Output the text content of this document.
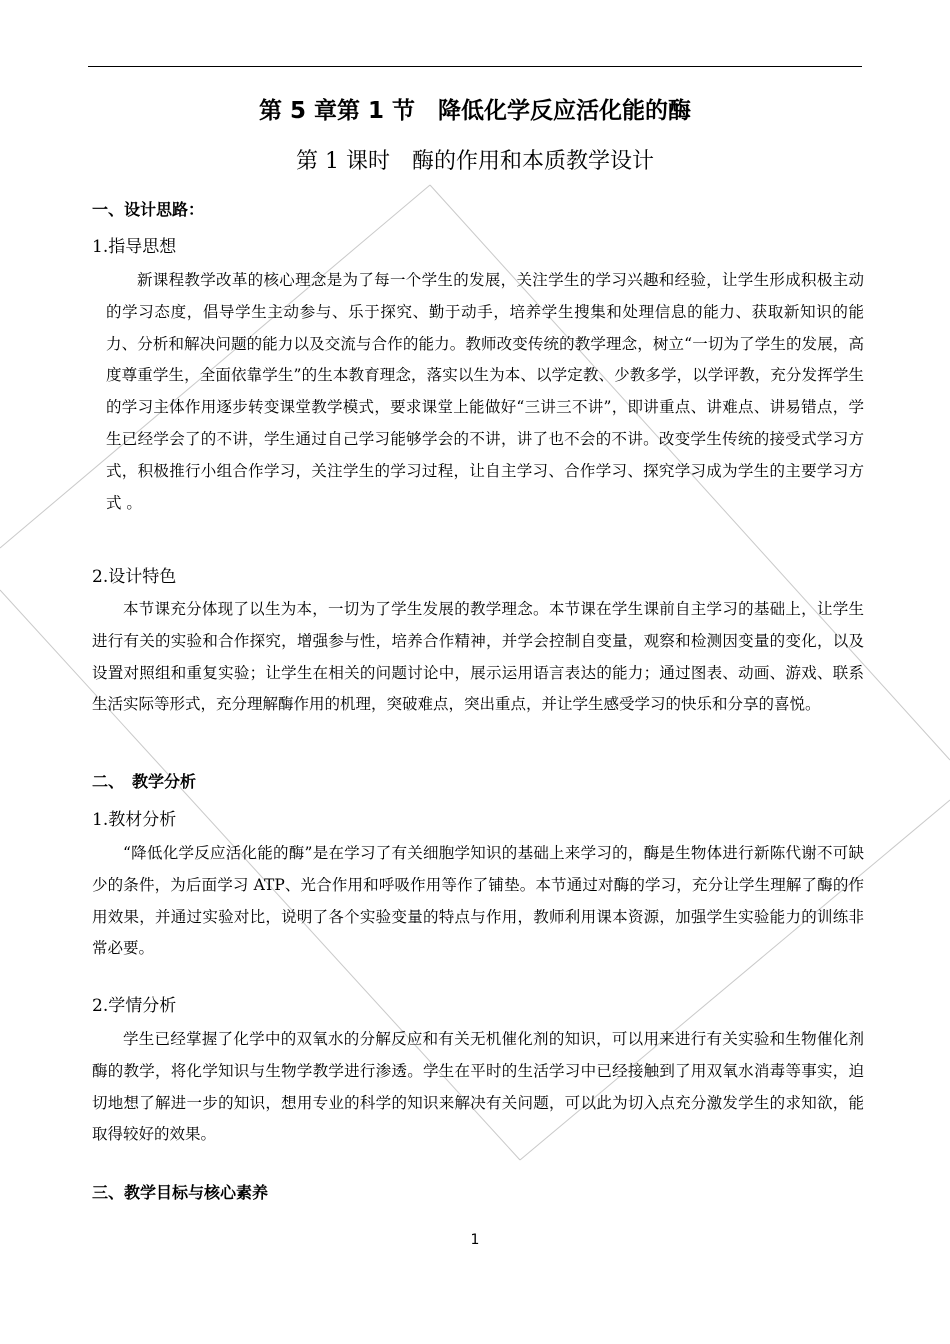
第 5 章第 1 节　降低化学反应活化能的酶
第 1 课时　酶的作用和本质教学设计
一、设计思路：
1.指导思想
新课程教学改革的核心理念是为了每一个学生的发展，关注学生的学习兴趣和经验，让学生形成积极主动的学习态度，倡导学生主动参与、乐于探究、勤于动手，培养学生搜集和处理信息的能力、获取新知识的能力、分析和解决问题的能力以及交流与合作的能力。教师改变传统的教学理念，树立“一切为了学生的发展，高度尊重学生，全面依靠学生”的生本教育理念，落实以生为本、以学定教、少教多学，以学评教，充分发挥学生的学习主体作用逐步转变课堂教学模式，要求课堂上能做好“三讲三不讲”，即讲重点、讲难点、讲易错点，学生已经学会了的不讲，学生通过自己学习能够学会的不讲，讲了也不会的不讲。改变学生传统的接受式学习方式，积极推行小组合作学习，关注学生的学习过程，让自主学习、合作学习、探究学习成为学生的主要学习方式 。
2.设计特色
本节课充分体现了以生为本，一切为了学生发展的教学理念。本节课在学生课前自主学习的基础上，让学生进行有关的实验和合作探究，增强参与性，培养合作精神，并学会控制自变量，观察和检测因变量的变化，以及设置对照组和重复实验；让学生在相关的问题讨论中，展示运用语言表达的能力；通过图表、动画、游戏、联系生活实际等形式，充分理解酶作用的机理，突破难点，突出重点，并让学生感受学习的快乐和分享的喜悦。
二、　教学分析
1.教材分析
“降低化学反应活化能的酶”是在学习了有关细胞学知识的基础上来学习的，酶是生物体进行新陈代谢不可缺少的条件，为后面学习 ATP、光合作用和呼吸作用等作了铺垫。本节通过对酶的学习，充分让学生理解了酶的作用效果，并通过实验对比，说明了各个实验变量的特点与作用，教师利用课本资源，加强学生实验能力的训练非常必要。
2.学情分析
学生已经掌握了化学中的双氧水的分解反应和有关无机催化剂的知识，可以用来进行有关实验和生物催化剂酶的教学，将化学知识与生物学教学进行渗透。学生在平时的生活学习中已经接触到了用双氧水消毒等事实，迫切地想了解进一步的知识，想用专业的科学的知识来解决有关问题，可以此为切入点充分激发学生的求知欲，能取得较好的效果。
三、教学目标与核心素养
1
